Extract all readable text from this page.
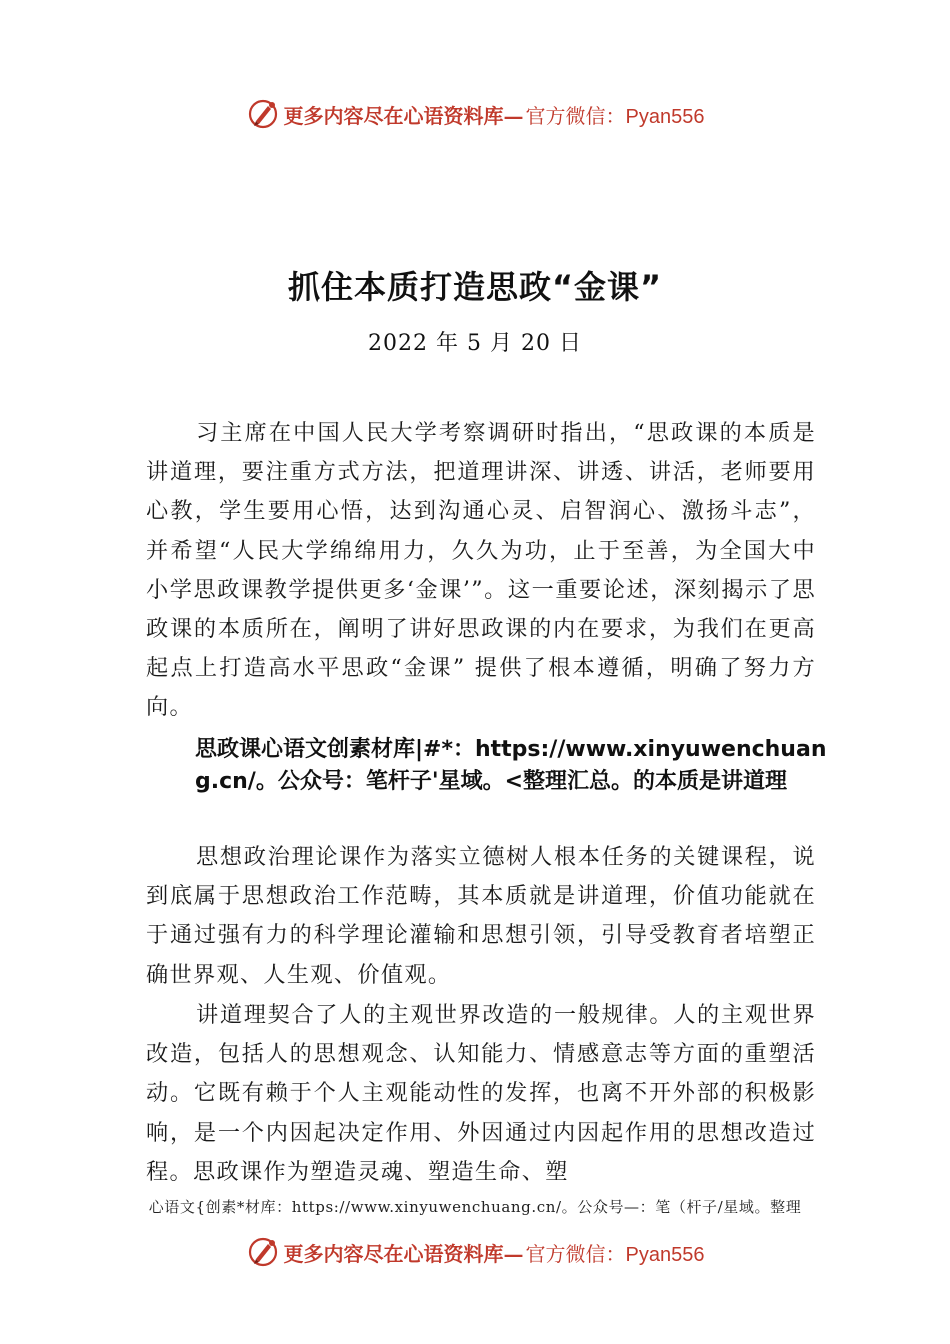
更多内容尽在心语资料库— 官方微信：Pyan556
抓住本质打造思政“金课”
2022 年 5 月 20 日

习主席在中国人民大学考察调研时指出，“思政课的本质是讲道理，要注重方式方法，把道理讲深、讲透、讲活，老师要用心教，学生要用心悟，达到沟通心灵、启智润心、激扬斗志”，并希望“人民大学绵绵用力，久久为功，止于至善，为全国大中小学思政课教学提供更多‘金课’”。这一重要论述，深刻揭示了思政课的本质所在，阐明了讲好思政课的内在要求，为我们在更高起点上打造高水平思政“金课” 提供了根本遵循，明确了努力方向。

思政课心语文创素材库|#*：https://www.xinyuwenchuang.cn/。公众号：笔杆子'星域。<整理汇总。的本质是讲道理

思想政治理论课作为落实立德树人根本任务的关键课程，说到底属于思想政治工作范畴，其本质就是讲道理，价值功能就在于通过强有力的科学理论灌输和思想引领，引导受教育者培塑正确世界观、人生观、价值观。

讲道理契合了人的主观世界改造的一般规律。人的主观世界改造，包括人的思想观念、认知能力、情感意志等方面的重塑活动。它既有赖于个人主观能动性的发挥，也离不开外部的积极影响，是一个内因起决定作用、外因通过内因起作用的思想改造过程。思政课作为塑造灵魂、塑造生命、塑

心语文{创素*材库：https://www.xinyuwenchuang.cn/。公众号—：笔（杆子/星域。整理
更多内容尽在心语资料库— 官方微信：Pyan556
